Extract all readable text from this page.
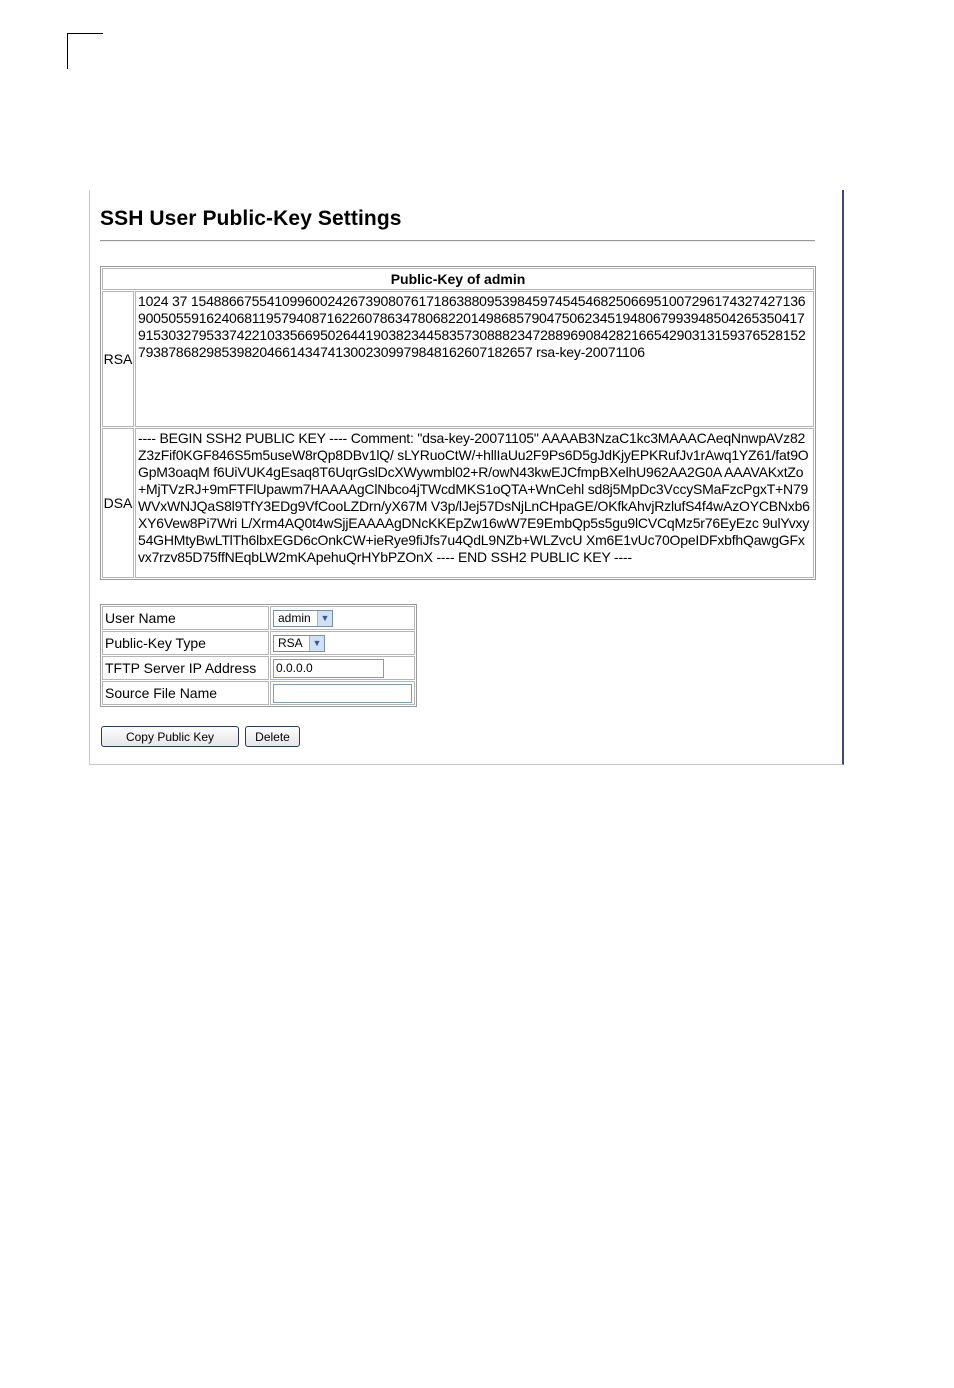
SSH User Public-Key Settings
Public-Key of admin	
RSA	1024 37 154886675541099600242673908076171863880953984597454546825066951007296174327427136900505591624068119579408716226078634780682201498685790475062345194806799394850426535041791530327953374221033566950264419038234458357308882347288969084282166542903131593765281527938786829853982046614347413002309979848162607182657 rsa-key-20071106
DSA	---- BEGIN SSH2 PUBLIC KEY ---- Comment: "dsa-key-20071105" AAAAB3NzaC1kc3MAAACAeqNnwpAVz82Z3zFif0KGF846S5m5useW8rQp8DBv1lQ/ sLYRuoCtW/+hllIaUu2F9Ps6D5gJdKjyEPKRufJv1rAwq1YZ61/fat9OGpM3oaqM f6UiVUK4gEsaq8T6UqrGslDcXWywmbl02+R/owN43kwEJCfmpBXelhU962AA2G0A AAAVAKxtZo+MjTVzRJ+9mFTFlUpawm7HAAAAgClNbco4jTWcdMKS1oQTA+WnCehl sd8j5MpDc3VccySMaFzcPgxT+N79WVxWNJQaS8l9TfY3EDg9VfCooLZDrn/yX67M V3p/lJej57DsNjLnCHpaGE/OKfkAhvjRzlufS4f4wAzOYCBNxb6XY6Vew8Pi7Wri L/Xrm4AQ0t4wSjjEAAAAgDNcKKEpZw16wW7E9EmbQp5s5gu9lCVCqMz5r76EyEzc 9ulYvxy54GHMtyBwLTlTh6lbxEGD6cOnkCW+ieRye9fiJfs7u4QdL9NZb+WLZvcU Xm6E1vUc70OpeIDFxbfhQawgGFxvx7rzv85D75ffNEqbLW2mKApehuQrHYbPZOnX ---- END SSH2 PUBLIC KEY ----
User Name	admin ▼

Public-Key Type	RSA ▼

TFTP Server IP Address	0.0.0.0
Source File Name	
Copy Public Key	Delete
